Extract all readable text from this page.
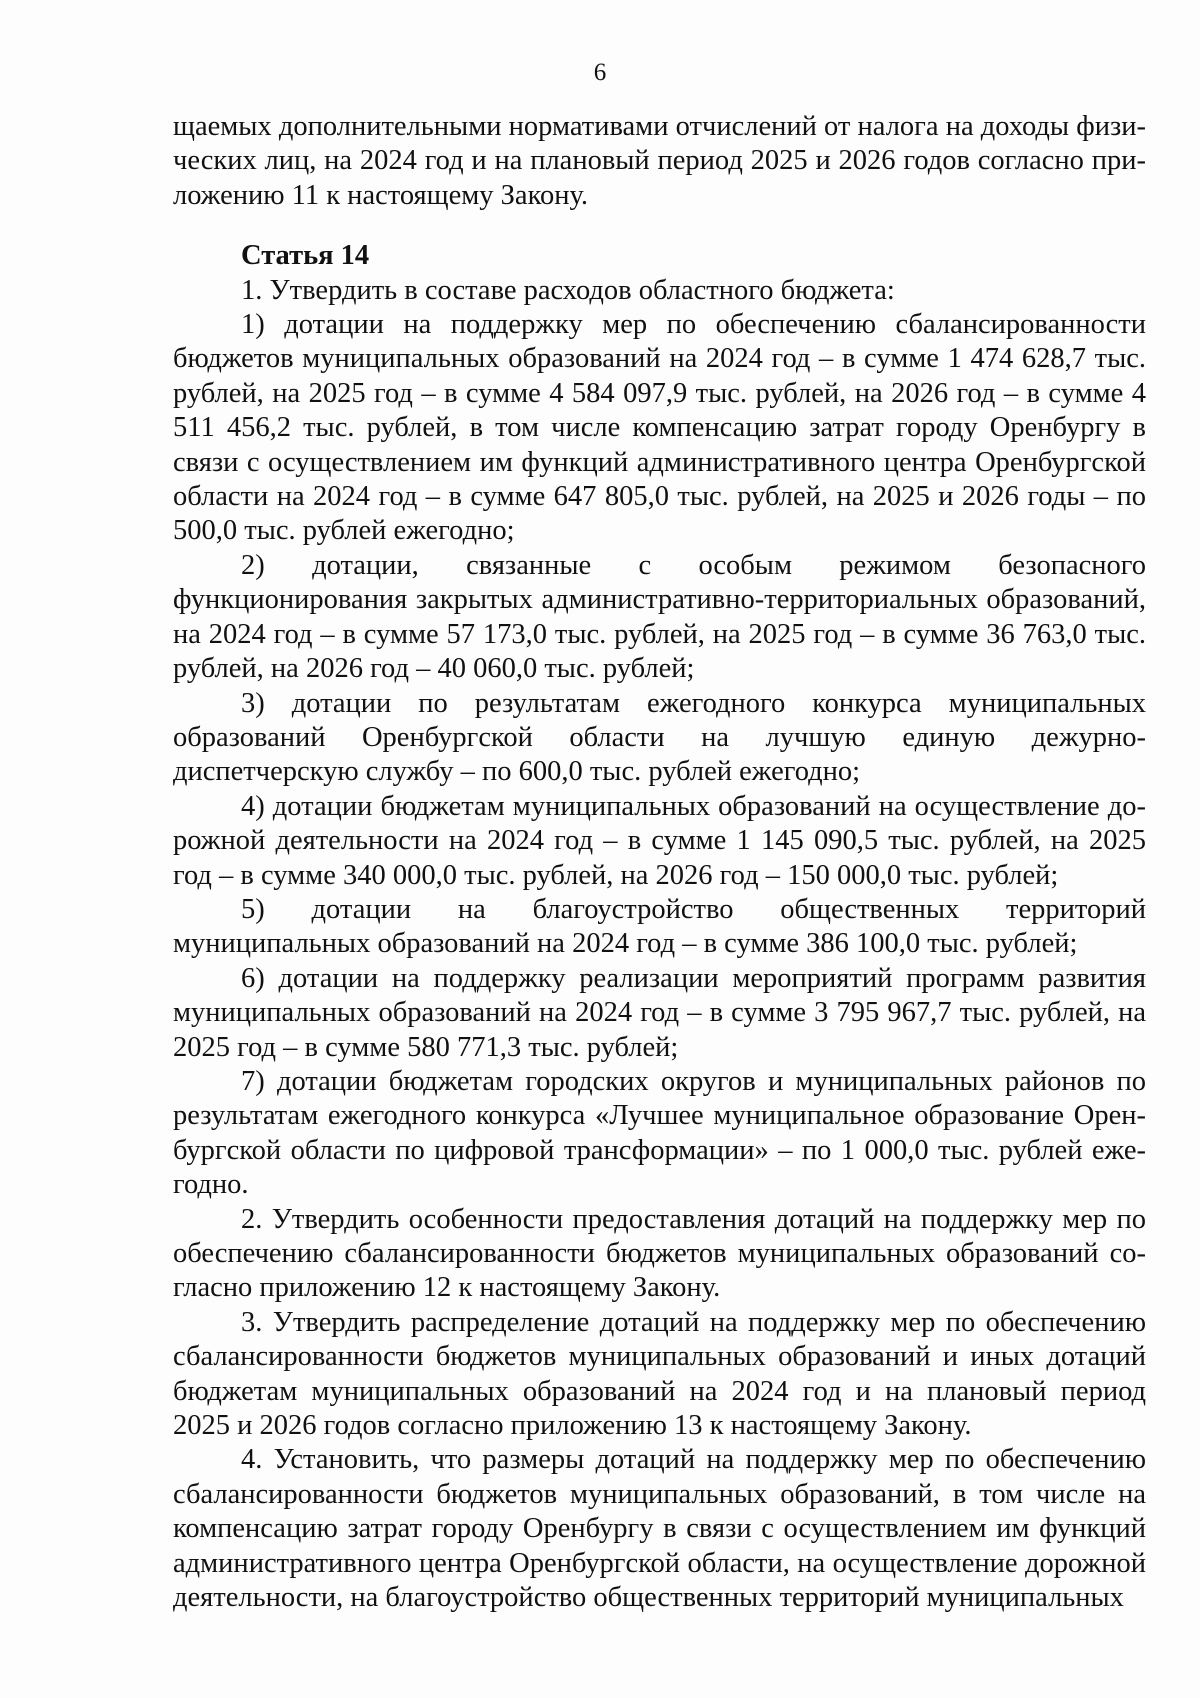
6

щаемых дополнительными нормативами отчислений от налога на доходы физических лиц, на 2024 год и на плановый период 2025 и 2026 годов согласно приложению 11 к настоящему Закону.

Статья 14

1. Утвердить в составе расходов областного бюджета:

1) дотации на поддержку мер по обеспечению сбалансированности бюджетов муниципальных образований на 2024 год – в сумме 1 474 628,7 тыс. рублей, на 2025 год – в сумме 4 584 097,9 тыс. рублей, на 2026 год – в сумме 4 511 456,2 тыс. рублей, в том числе компенсацию затрат городу Оренбургу в связи с осуществлением им функций административного центра Оренбургской области на 2024 год – в сумме 647 805,0 тыс. рублей, на 2025 и 2026 годы – по 500,0 тыс. рублей ежегодно;

2) дотации, связанные с особым режимом безопасного функционирования закрытых административно-территориальных образований, на 2024 год – в сумме 57 173,0 тыс. рублей, на 2025 год – в сумме 36 763,0 тыс. рублей, на 2026 год – 40 060,0 тыс. рублей;

3) дотации по результатам ежегодного конкурса муниципальных образований Оренбургской области на лучшую единую дежурно-диспетчерскую службу – по 600,0 тыс. рублей ежегодно;

4) дотации бюджетам муниципальных образований на осуществление дорожной деятельности на 2024 год – в сумме 1 145 090,5 тыс. рублей, на 2025 год – в сумме 340 000,0 тыс. рублей, на 2026 год – 150 000,0 тыс. рублей;

5) дотации на благоустройство общественных территорий муниципальных образований на 2024 год – в сумме 386 100,0 тыс. рублей;

6) дотации на поддержку реализации мероприятий программ развития муниципальных образований на 2024 год – в сумме 3 795 967,7 тыс. рублей, на 2025 год – в сумме 580 771,3 тыс. рублей;

7) дотации бюджетам городских округов и муниципальных районов по результатам ежегодного конкурса «Лучшее муниципальное образование Оренбургской области по цифровой трансформации» – по 1 000,0 тыс. рублей ежегодно.

2. Утвердить особенности предоставления дотаций на поддержку мер по обеспечению сбалансированности бюджетов муниципальных образований согласно приложению 12 к настоящему Закону.

3. Утвердить распределение дотаций на поддержку мер по обеспечению сбалансированности бюджетов муниципальных образований и иных дотаций бюджетам муниципальных образований на 2024 год и на плановый период 2025 и 2026 годов согласно приложению 13 к настоящему Закону.

4. Установить, что размеры дотаций на поддержку мер по обеспечению сбалансированности бюджетов муниципальных образований, в том числе на компенсацию затрат городу Оренбургу в связи с осуществлением им функций административного центра Оренбургской области, на осуществление дорожной деятельности, на благоустройство общественных территорий муниципальных
